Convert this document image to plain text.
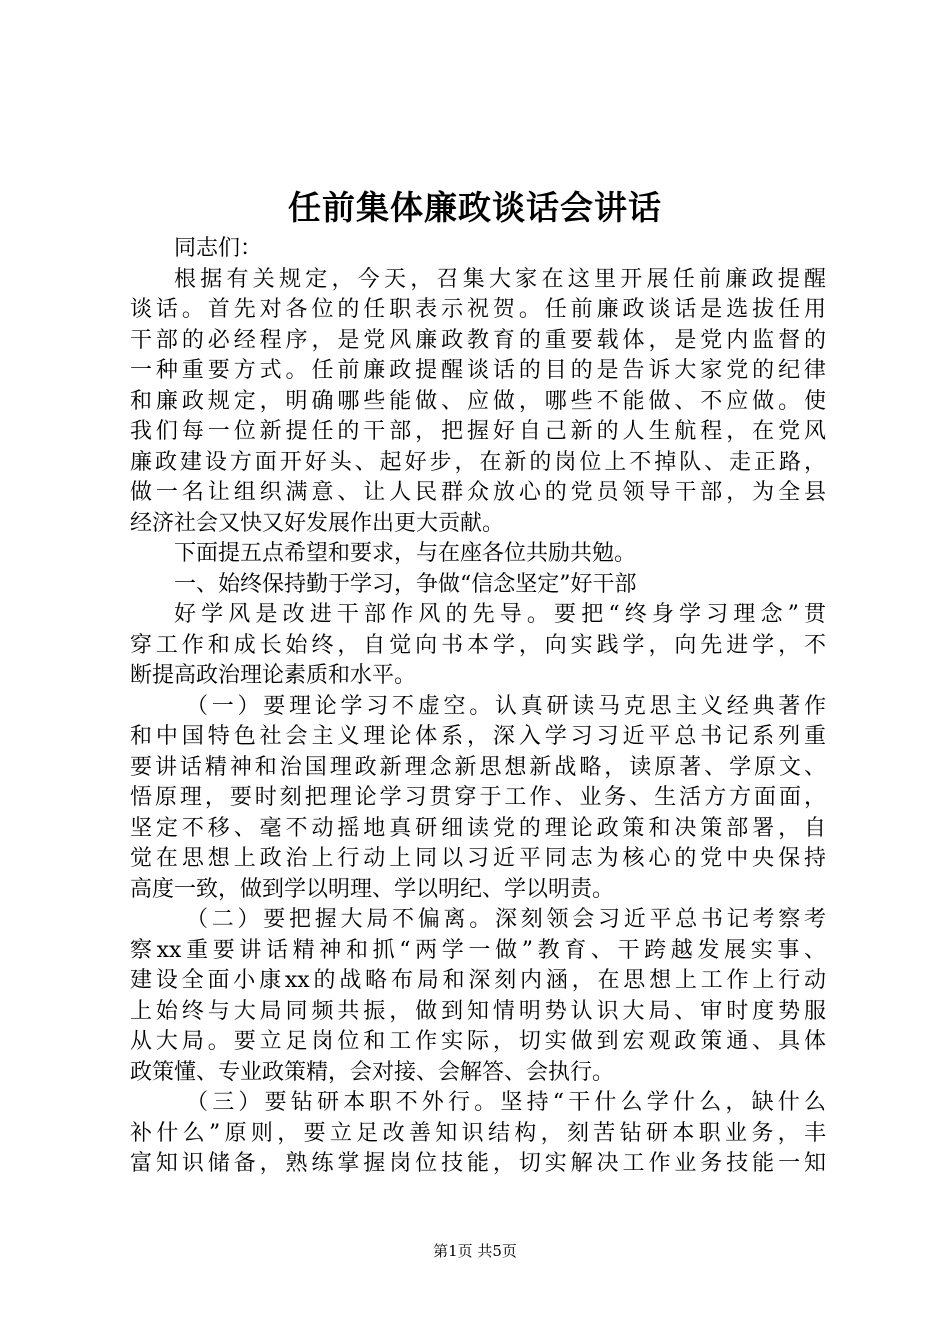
任前集体廉政谈话会讲话
同志们：
根据有关规定，今天，召集大家在这里开展任前廉政提醒
谈话。首先对各位的任职表示祝贺。任前廉政谈话是选拔任用
干部的必经程序，是党风廉政教育的重要载体，是党内监督的
一种重要方式。任前廉政提醒谈话的目的是告诉大家党的纪律
和廉政规定，明确哪些能做、应做，哪些不能做、不应做。使
我们每一位新提任的干部，把握好自己新的人生航程，在党风
廉政建设方面开好头、起好步，在新的岗位上不掉队、走正路，
做一名让组织满意、让人民群众放心的党员领导干部，为全县
经济社会又快又好发展作出更大贡献。
下面提五点希望和要求，与在座各位共励共勉。
一、始终保持勤于学习，争做“信念坚定”好干部
好学风是改进干部作风的先导。要把“终身学习理念”贯
穿工作和成长始终，自觉向书本学，向实践学，向先进学，不
断提高政治理论素质和水平。
（一）要理论学习不虚空。认真研读马克思主义经典著作
和中国特色社会主义理论体系，深入学习习近平总书记系列重
要讲话精神和治国理政新理念新思想新战略，读原著、学原文、
悟原理，要时刻把理论学习贯穿于工作、业务、生活方方面面，
坚定不移、毫不动摇地真研细读党的理论政策和决策部署，自
觉在思想上政治上行动上同以习近平同志为核心的党中央保持
高度一致，做到学以明理、学以明纪、学以明责。
（二）要把握大局不偏离。深刻领会习近平总书记考察考
察xx重要讲话精神和抓“两学一做”教育、干跨越发展实事、
建设全面小康xx的战略布局和深刻内涵，在思想上工作上行动
上始终与大局同频共振，做到知情明势认识大局、审时度势服
从大局。要立足岗位和工作实际，切实做到宏观政策通、具体
政策懂、专业政策精，会对接、会解答、会执行。
（三）要钻研本职不外行。坚持“干什么学什么，缺什么
补什么”原则，要立足改善知识结构，刻苦钻研本职业务，丰
富知识储备，熟练掌握岗位技能，切实解决工作业务技能一知
第1页 共5页
